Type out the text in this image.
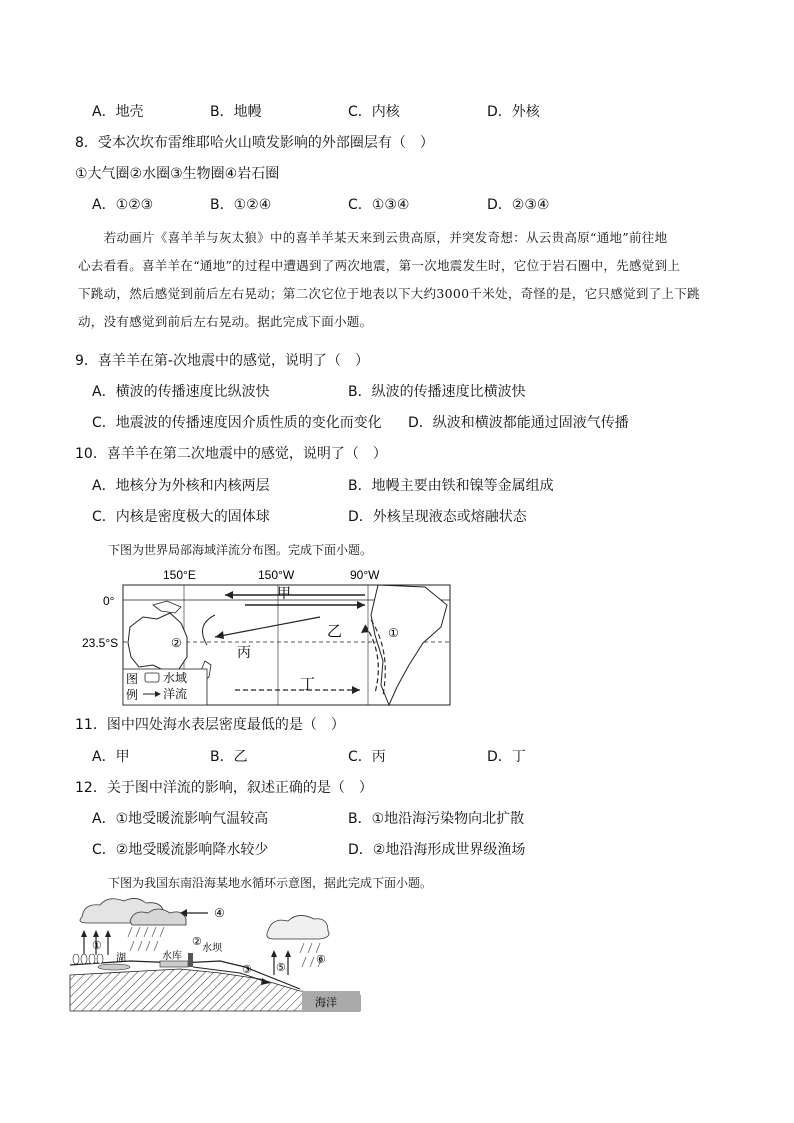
A．地壳	B．地幔	C．内核	D．外核
8．受本次坎布雷维耶哈火山喷发影响的外部圈层有（　）
①大气圈②水圈③生物圈④岩石圈
A．①②③	B．①②④	C．①③④	D．②③④
　　若动画片《喜羊羊与灰太狼》中的喜羊羊某天来到云贵高原，并突发奇想：从云贵高原“通地”前往地
心去看看。喜羊羊在“通地”的过程中遭遇到了两次地震，第一次地震发生时，它位于岩石圈中，先感觉到上
下跳动，然后感觉到前后左右晃动；第二次它位于地表以下大约3000千米处，奇怪的是，它只感觉到了上下跳
动，没有感觉到前后左右晃动。据此完成下面小题。
9．喜羊羊在第-次地震中的感觉，说明了（　）
A．横波的传播速度比纵波快	B．纵波的传播速度比横波快
C．地震波的传播速度因介质性质的变化而变化 D．纵波和横波都能通过固液气传播
10．喜羊羊在第二次地震中的感觉，说明了（　）
A．地核分为外核和内核两层	B．地幔主要由铁和镍等金属组成
C．内核是密度极大的固体球	D．外核呈现液态或熔融状态
下图为世界局部海域洋流分布图。完成下面小题。
150°E	150°W	90°W
0°
23.5°S
甲
乙
丙
丁
①
②
图
例
水域
洋流
11．图中四处海水表层密度最低的是（　）
A．甲	B．乙	C．丙	D．丁
12．关于图中洋流的影响，叙述正确的是（　）
A．①地受暖流影响气温较高	B．①地沿海污染物向北扩散
C．②地受暖流影响降水较少	D．②地沿海形成世界级渔场
下图为我国东南沿海某地水循环示意图，据此完成下面小题。
海洋
④
湖	水库
水坝
①	②
③ ⑤
⑥
